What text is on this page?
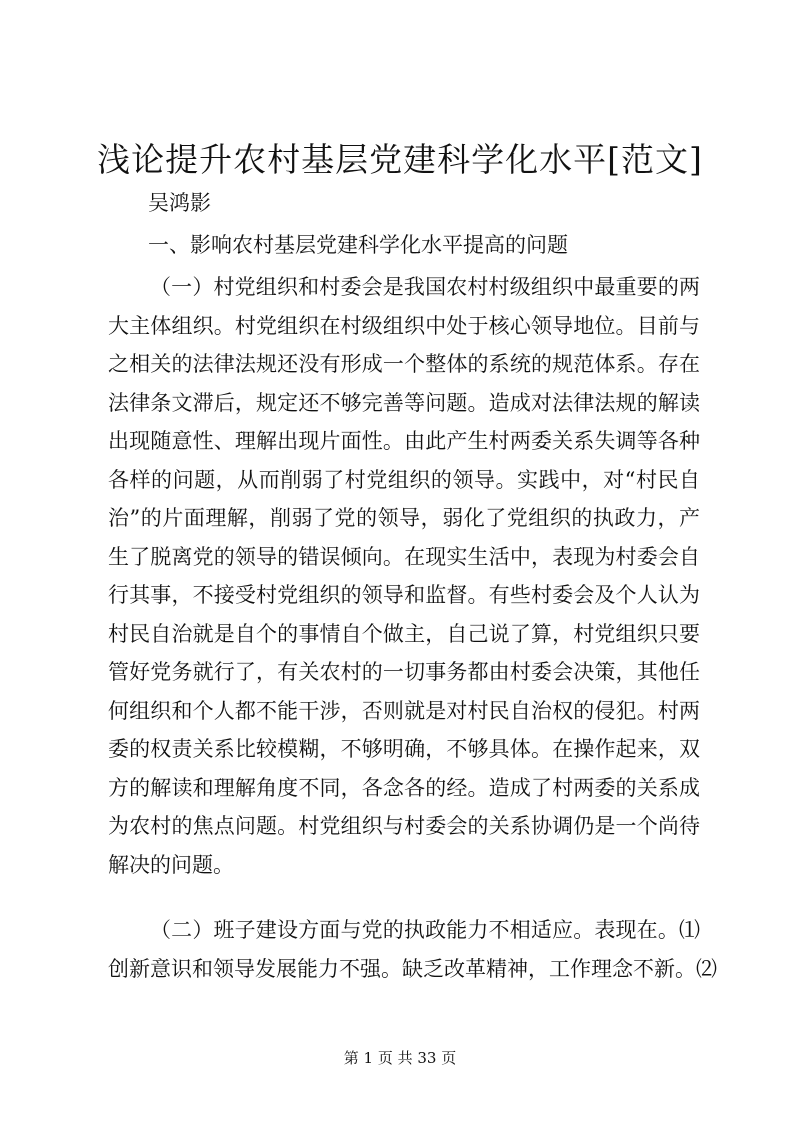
浅论提升农村基层党建科学化水平[范文]
吴鸿影
一、影响农村基层党建科学化水平提高的问题
（一）村党组织和村委会是我国农村村级组织中最重要的两
大主体组织。村党组织在村级组织中处于核心领导地位。目前与
之相关的法律法规还没有形成一个整体的系统的规范体系。存在
法律条文滞后，规定还不够完善等问题。造成对法律法规的解读
出现随意性、理解出现片面性。由此产生村两委关系失调等各种
各样的问题，从而削弱了村党组织的领导。实践中，对“村民自
治”的片面理解，削弱了党的领导，弱化了党组织的执政力，产
生了脱离党的领导的错误倾向。在现实生活中，表现为村委会自
行其事，不接受村党组织的领导和监督。有些村委会及个人认为
村民自治就是自个的事情自个做主，自己说了算，村党组织只要
管好党务就行了，有关农村的一切事务都由村委会决策，其他任
何组织和个人都不能干涉，否则就是对村民自治权的侵犯。村两
委的权责关系比较模糊，不够明确，不够具体。在操作起来，双
方的解读和理解角度不同，各念各的经。造成了村两委的关系成
为农村的焦点问题。村党组织与村委会的关系协调仍是一个尚待
解决的问题。
（二）班子建设方面与党的执政能力不相适应。表现在。⑴
创新意识和领导发展能力不强。缺乏改革精神，工作理念不新。⑵
第 1 页 共 33 页
